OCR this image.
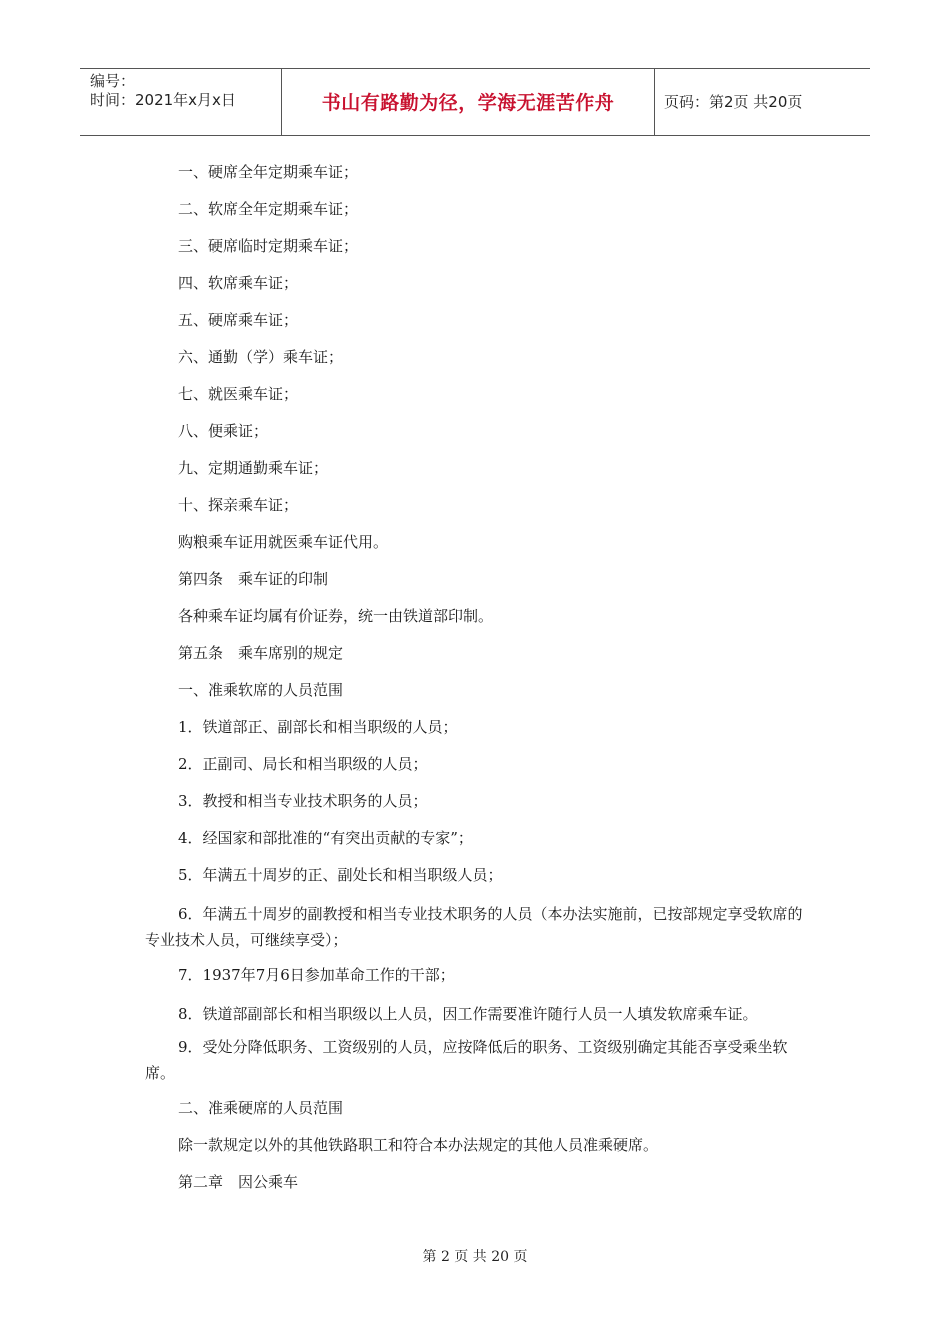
编号：
时间：2021年x月x日	书山有路勤为径，学海无涯苦作舟	页码：第2页 共20页

一、硬席全年定期乘车证；

二、软席全年定期乘车证；

三、硬席临时定期乘车证；

四、软席乘车证；

五、硬席乘车证；

六、通勤（学）乘车证；

七、就医乘车证；

八、便乘证；

九、定期通勤乘车证；

十、探亲乘车证；

购粮乘车证用就医乘车证代用。

第四条　乘车证的印制

各种乘车证均属有价证券，统一由铁道部印制。

第五条　乘车席别的规定

一、准乘软席的人员范围

1．铁道部正、副部长和相当职级的人员；

2．正副司、局长和相当职级的人员；

3．教授和相当专业技术职务的人员；

4．经国家和部批准的“有突出贡献的专家”；

5．年满五十周岁的正、副处长和相当职级人员；

6．年满五十周岁的副教授和相当专业技术职务的人员（本办法实施前，已按部规定享受软席的专业技术人员，可继续享受）；

7．1937年7月6日参加革命工作的干部；

8．铁道部副部长和相当职级以上人员，因工作需要准许随行人员一人填发软席乘车证。

9．受处分降低职务、工资级别的人员，应按降低后的职务、工资级别确定其能否享受乘坐软席。

二、准乘硬席的人员范围

除一款规定以外的其他铁路职工和符合本办法规定的其他人员准乘硬席。

第二章　因公乘车

第 2 页 共 20 页
